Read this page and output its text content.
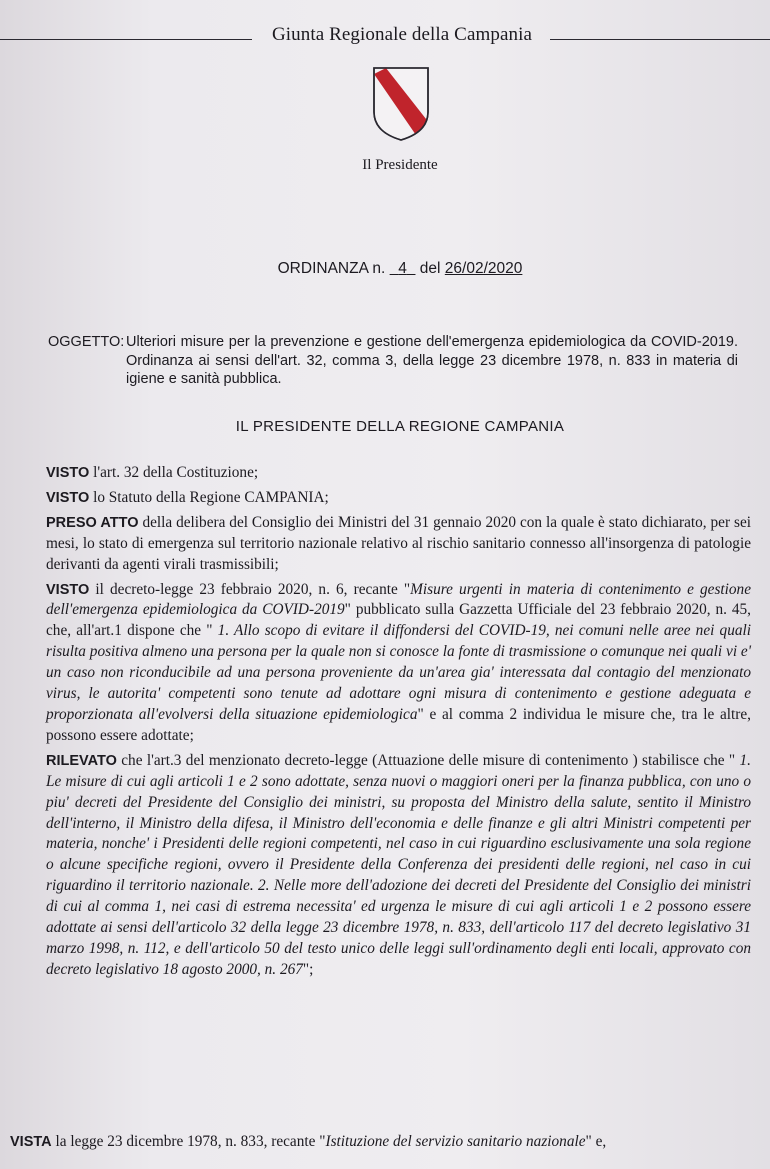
Giunta Regionale della Campania
Il Presidente
ORDINANZA n. 4 del 26/02/2020
OGGETTO: Ulteriori misure per la prevenzione e gestione dell'emergenza epidemiologica da COVID-2019. Ordinanza ai sensi dell'art. 32, comma 3, della legge 23 dicembre 1978, n. 833 in materia di igiene e sanità pubblica.
IL PRESIDENTE DELLA REGIONE CAMPANIA

VISTO l'art. 32 della Costituzione;

VISTO lo Statuto della Regione CAMPANIA;

PRESO ATTO della delibera del Consiglio dei Ministri del 31 gennaio 2020 con la quale è stato dichiarato, per sei mesi, lo stato di emergenza sul territorio nazionale relativo al rischio sanitario connesso all'insorgenza di patologie derivanti da agenti virali trasmissibili;

VISTO il decreto-legge 23 febbraio 2020, n. 6, recante "Misure urgenti in materia di contenimento e gestione dell'emergenza epidemiologica da COVID-2019" pubblicato sulla Gazzetta Ufficiale del 23 febbraio 2020, n. 45, che, all'art.1 dispone che " 1. Allo scopo di evitare il diffondersi del COVID-19, nei comuni nelle aree nei quali risulta positiva almeno una persona per la quale non si conosce la fonte di trasmissione o comunque nei quali vi e' un caso non riconducibile ad una persona proveniente da un'area gia' interessata dal contagio del menzionato virus, le autorita' competenti sono tenute ad adottare ogni misura di contenimento e gestione adeguata e proporzionata all'evolversi della situazione epidemiologica" e al comma 2 individua le misure che, tra le altre, possono essere adottate;

RILEVATO che l'art.3 del menzionato decreto-legge (Attuazione delle misure di contenimento ) stabilisce che " 1. Le misure di cui agli articoli 1 e 2 sono adottate, senza nuovi o maggiori oneri per la finanza pubblica, con uno o piu' decreti del Presidente del Consiglio dei ministri, su proposta del Ministro della salute, sentito il Ministro dell'interno, il Ministro della difesa, il Ministro dell'economia e delle finanze e gli altri Ministri competenti per materia, nonche' i Presidenti delle regioni competenti, nel caso in cui riguardino esclusivamente una sola regione o alcune specifiche regioni, ovvero il Presidente della Conferenza dei presidenti delle regioni, nel caso in cui riguardino il territorio nazionale. 2. Nelle more dell'adozione dei decreti del Presidente del Consiglio dei ministri di cui al comma 1, nei casi di estrema necessita' ed urgenza le misure di cui agli articoli 1 e 2 possono essere adottate ai sensi dell'articolo 32 della legge 23 dicembre 1978, n. 833, dell'articolo 117 del decreto legislativo 31 marzo 1998, n. 112, e dell'articolo 50 del testo unico delle leggi sull'ordinamento degli enti locali, approvato con decreto legislativo 18 agosto 2000, n. 267";

VISTA la legge 23 dicembre 1978, n. 833, recante "Istituzione del servizio sanitario nazionale" e,
